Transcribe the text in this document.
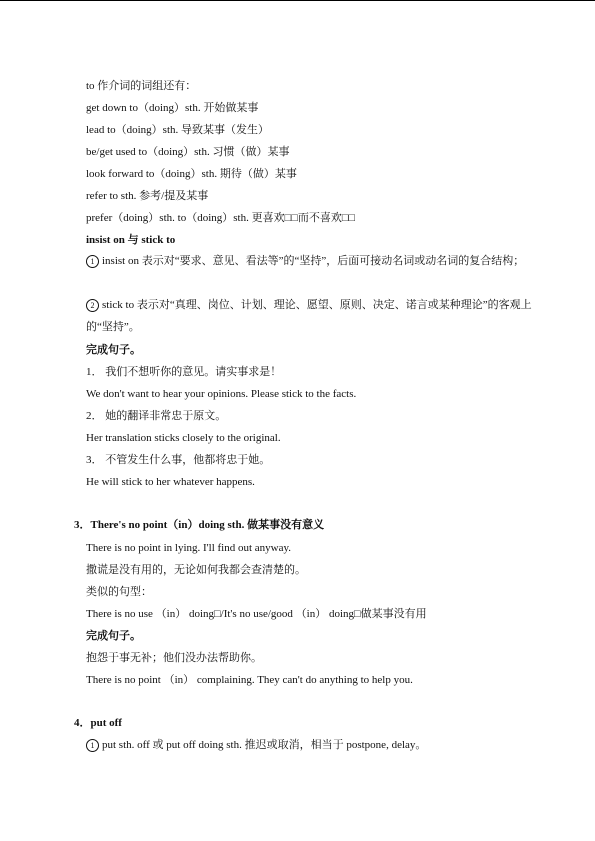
to 作介词的词组还有：
get down to（doing）sth. 开始做某事
lead to（doing）sth. 导致某事（发生）
be/get used to（doing）sth. 习惯（做）某事
look forward to（doing）sth. 期待（做）某事
refer to sth. 参考/提及某事
prefer（doing）sth. to（doing）sth. 更喜欢□□而不喜欢□□
insist on 与 stick to
1 insist on 表示对“要求、意见、看法等”的“坚持”，后面可接动名词或动名词的复合结构；
2 stick to 表示对“真理、岗位、计划、理论、愿望、原则、决定、诺言或某种理论”的客观上的“坚持”。
完成句子。
1． 我们不想听你的意见。请实事求是！
We don't want to hear your opinions. Please stick to the facts.
2． 她的翻译非常忠于原文。
Her translation sticks closely to the original.
3． 不管发生什么事，他都将忠于她。
He will stick to her whatever happens.
3．There's no point（in）doing sth. 做某事没有意义
There is no point in lying. I'll find out anyway.
撒谎是没有用的，无论如何我都会查清楚的。
类似的句型：
There is no use （in） doing□/It's no use/good （in） doing□做某事没有用
完成句子。
抱怨于事无补；他们没办法帮助你。
There is no point （in） complaining. They can't do anything to help you.
4．put off
1 put sth. off 或 put off doing sth. 推迟或取消，相当于 postpone, delay。
